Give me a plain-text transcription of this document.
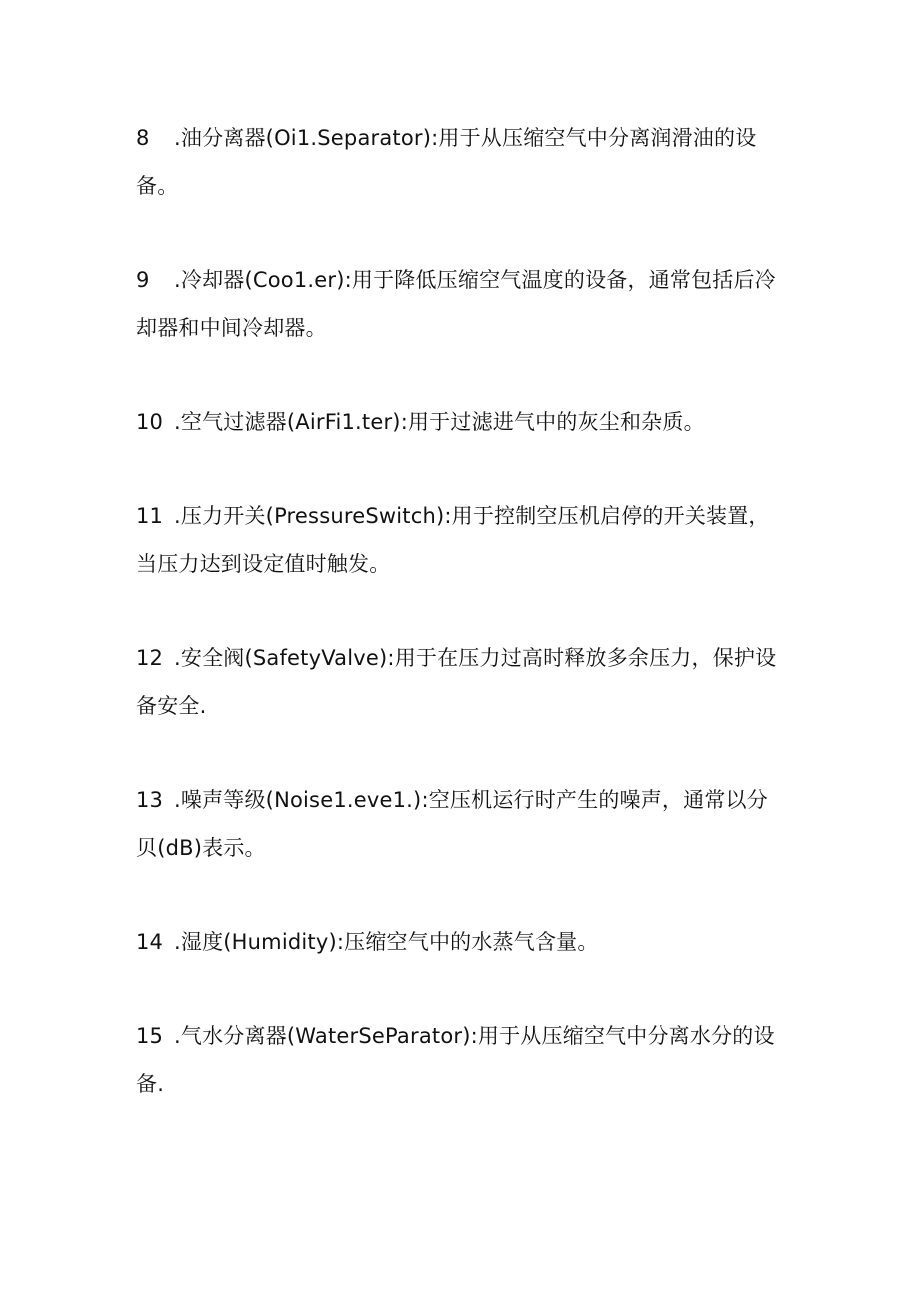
8 .油分离器(Oi1.Separator):用于从压缩空气中分离润滑油的设备。

9 .冷却器(Coo1.er):用于降低压缩空气温度的设备，通常包括后冷却器和中间冷却器。

10 .空气过滤器(AirFi1.ter):用于过滤进气中的灰尘和杂质。

11 .压力开关(PressureSwitch):用于控制空压机启停的开关装置，当压力达到设定值时触发。

12 .安全阀(SafetyValve):用于在压力过高时释放多余压力，保护设备安全.

13 .噪声等级(Noise1.eve1.):空压机运行时产生的噪声，通常以分贝(dB)表示。

14 .湿度(Humidity):压缩空气中的水蒸气含量。

15 .气水分离器(WaterSeParator):用于从压缩空气中分离水分的设备.
